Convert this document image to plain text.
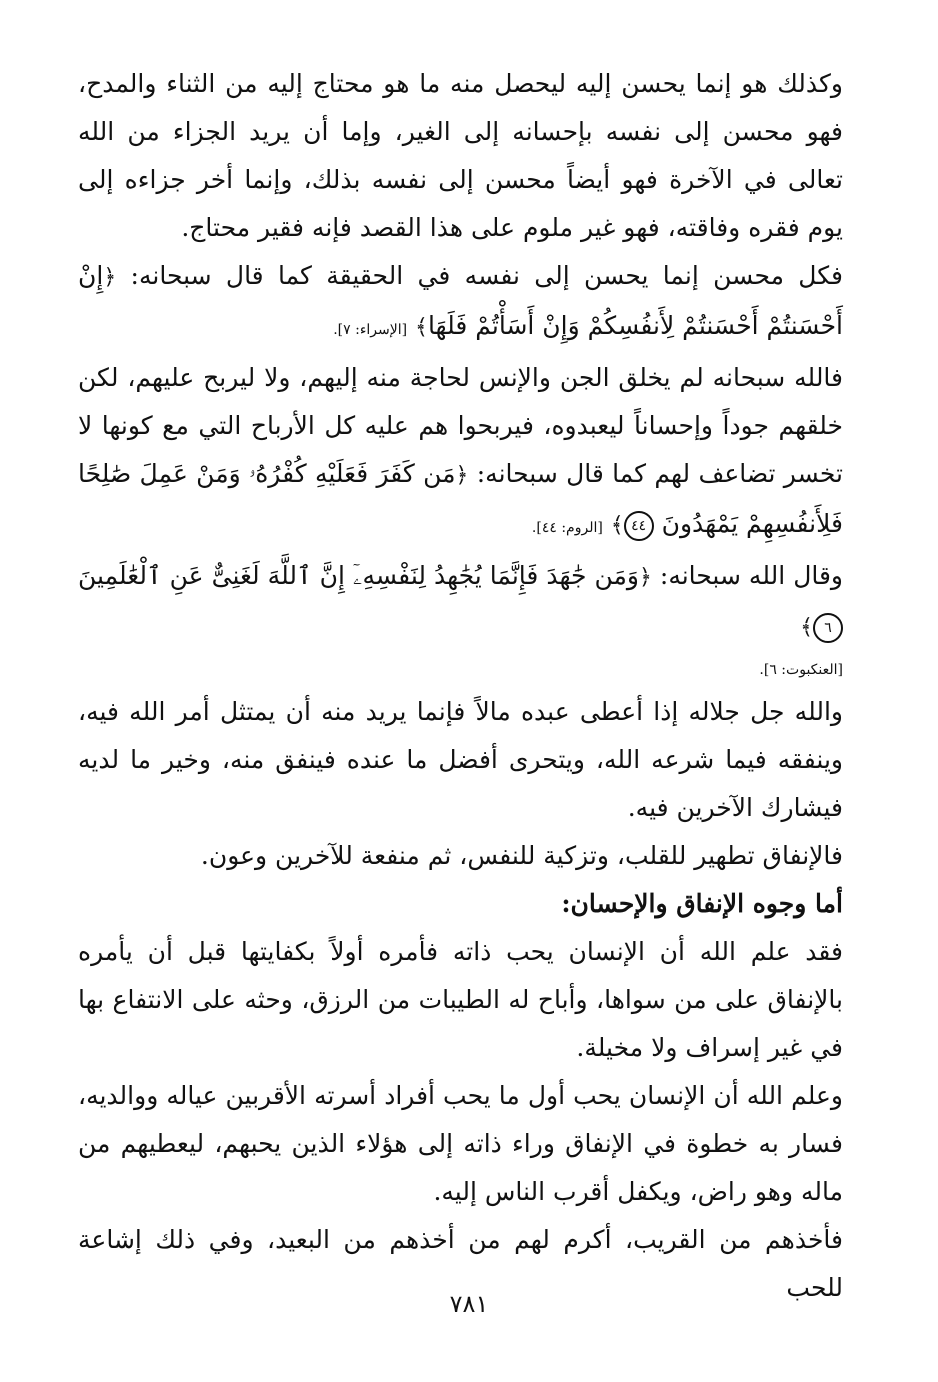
وكذلك هو إنما يحسن إليه ليحصل منه ما هو محتاج إليه من الثناء والمدح، فهو محسن إلى نفسه بإحسانه إلى الغير، وإما أن يريد الجزاء من الله تعالى في الآخرة فهو أيضاً محسن إلى نفسه بذلك، وإنما أخر جزاءه إلى يوم فقره وفاقته، فهو غير ملوم على هذا القصد فإنه فقير محتاج.

فكل محسن إنما يحسن إلى نفسه في الحقيقة كما قال سبحانه: ﴿إِنْ أَحْسَنتُمْ أَحْسَنتُمْ لِأَنفُسِكُمْ وَإِنْ أَسَأْتُمْ فَلَهَا﴾ [الإسراء: ٧].

فالله سبحانه لم يخلق الجن والإنس لحاجة منه إليهم، ولا ليربح عليهم، لكن خلقهم جوداً وإحساناً ليعبدوه، فيربحوا هم عليه كل الأرباح التي مع كونها لا تخسر تضاعف لهم كما قال سبحانه: ﴿مَن كَفَرَ فَعَلَيْهِ كُفْرُهُۥ وَمَنْ عَمِلَ صَٰلِحًا فَلِأَنفُسِهِمْ يَمْهَدُونَ ٤٤﴾ [الروم: ٤٤].

وقال الله سبحانه: ﴿وَمَن جَٰهَدَ فَإِنَّمَا يُجَٰهِدُ لِنَفْسِهِۦٓ إِنَّ ٱللَّهَ لَغَنِىٌّ عَنِ ٱلْعَٰلَمِينَ ٦﴾

[العنكبوت: ٦].

والله جل جلاله إذا أعطى عبده مالاً فإنما يريد منه أن يمتثل أمر الله فيه، وينفقه فيما شرعه الله، ويتحرى أفضل ما عنده فينفق منه، وخير ما لديه فيشارك الآخرين فيه.

فالإنفاق تطهير للقلب، وتزكية للنفس، ثم منفعة للآخرين وعون.

أما وجوه الإنفاق والإحسان:

فقد علم الله أن الإنسان يحب ذاته فأمره أولاً بكفايتها قبل أن يأمره بالإنفاق على من سواها، وأباح له الطيبات من الرزق، وحثه على الانتفاع بها في غير إسراف ولا مخيلة.

وعلم الله أن الإنسان يحب أول ما يحب أفراد أسرته الأقربين عياله ووالديه، فسار به خطوة في الإنفاق وراء ذاته إلى هؤلاء الذين يحبهم، ليعطيهم من ماله وهو راض، ويكفل أقرب الناس إليه.

فأخذهم من القريب، أكرم لهم من أخذهم من البعيد، وفي ذلك إشاعة للحب

٧٨١
